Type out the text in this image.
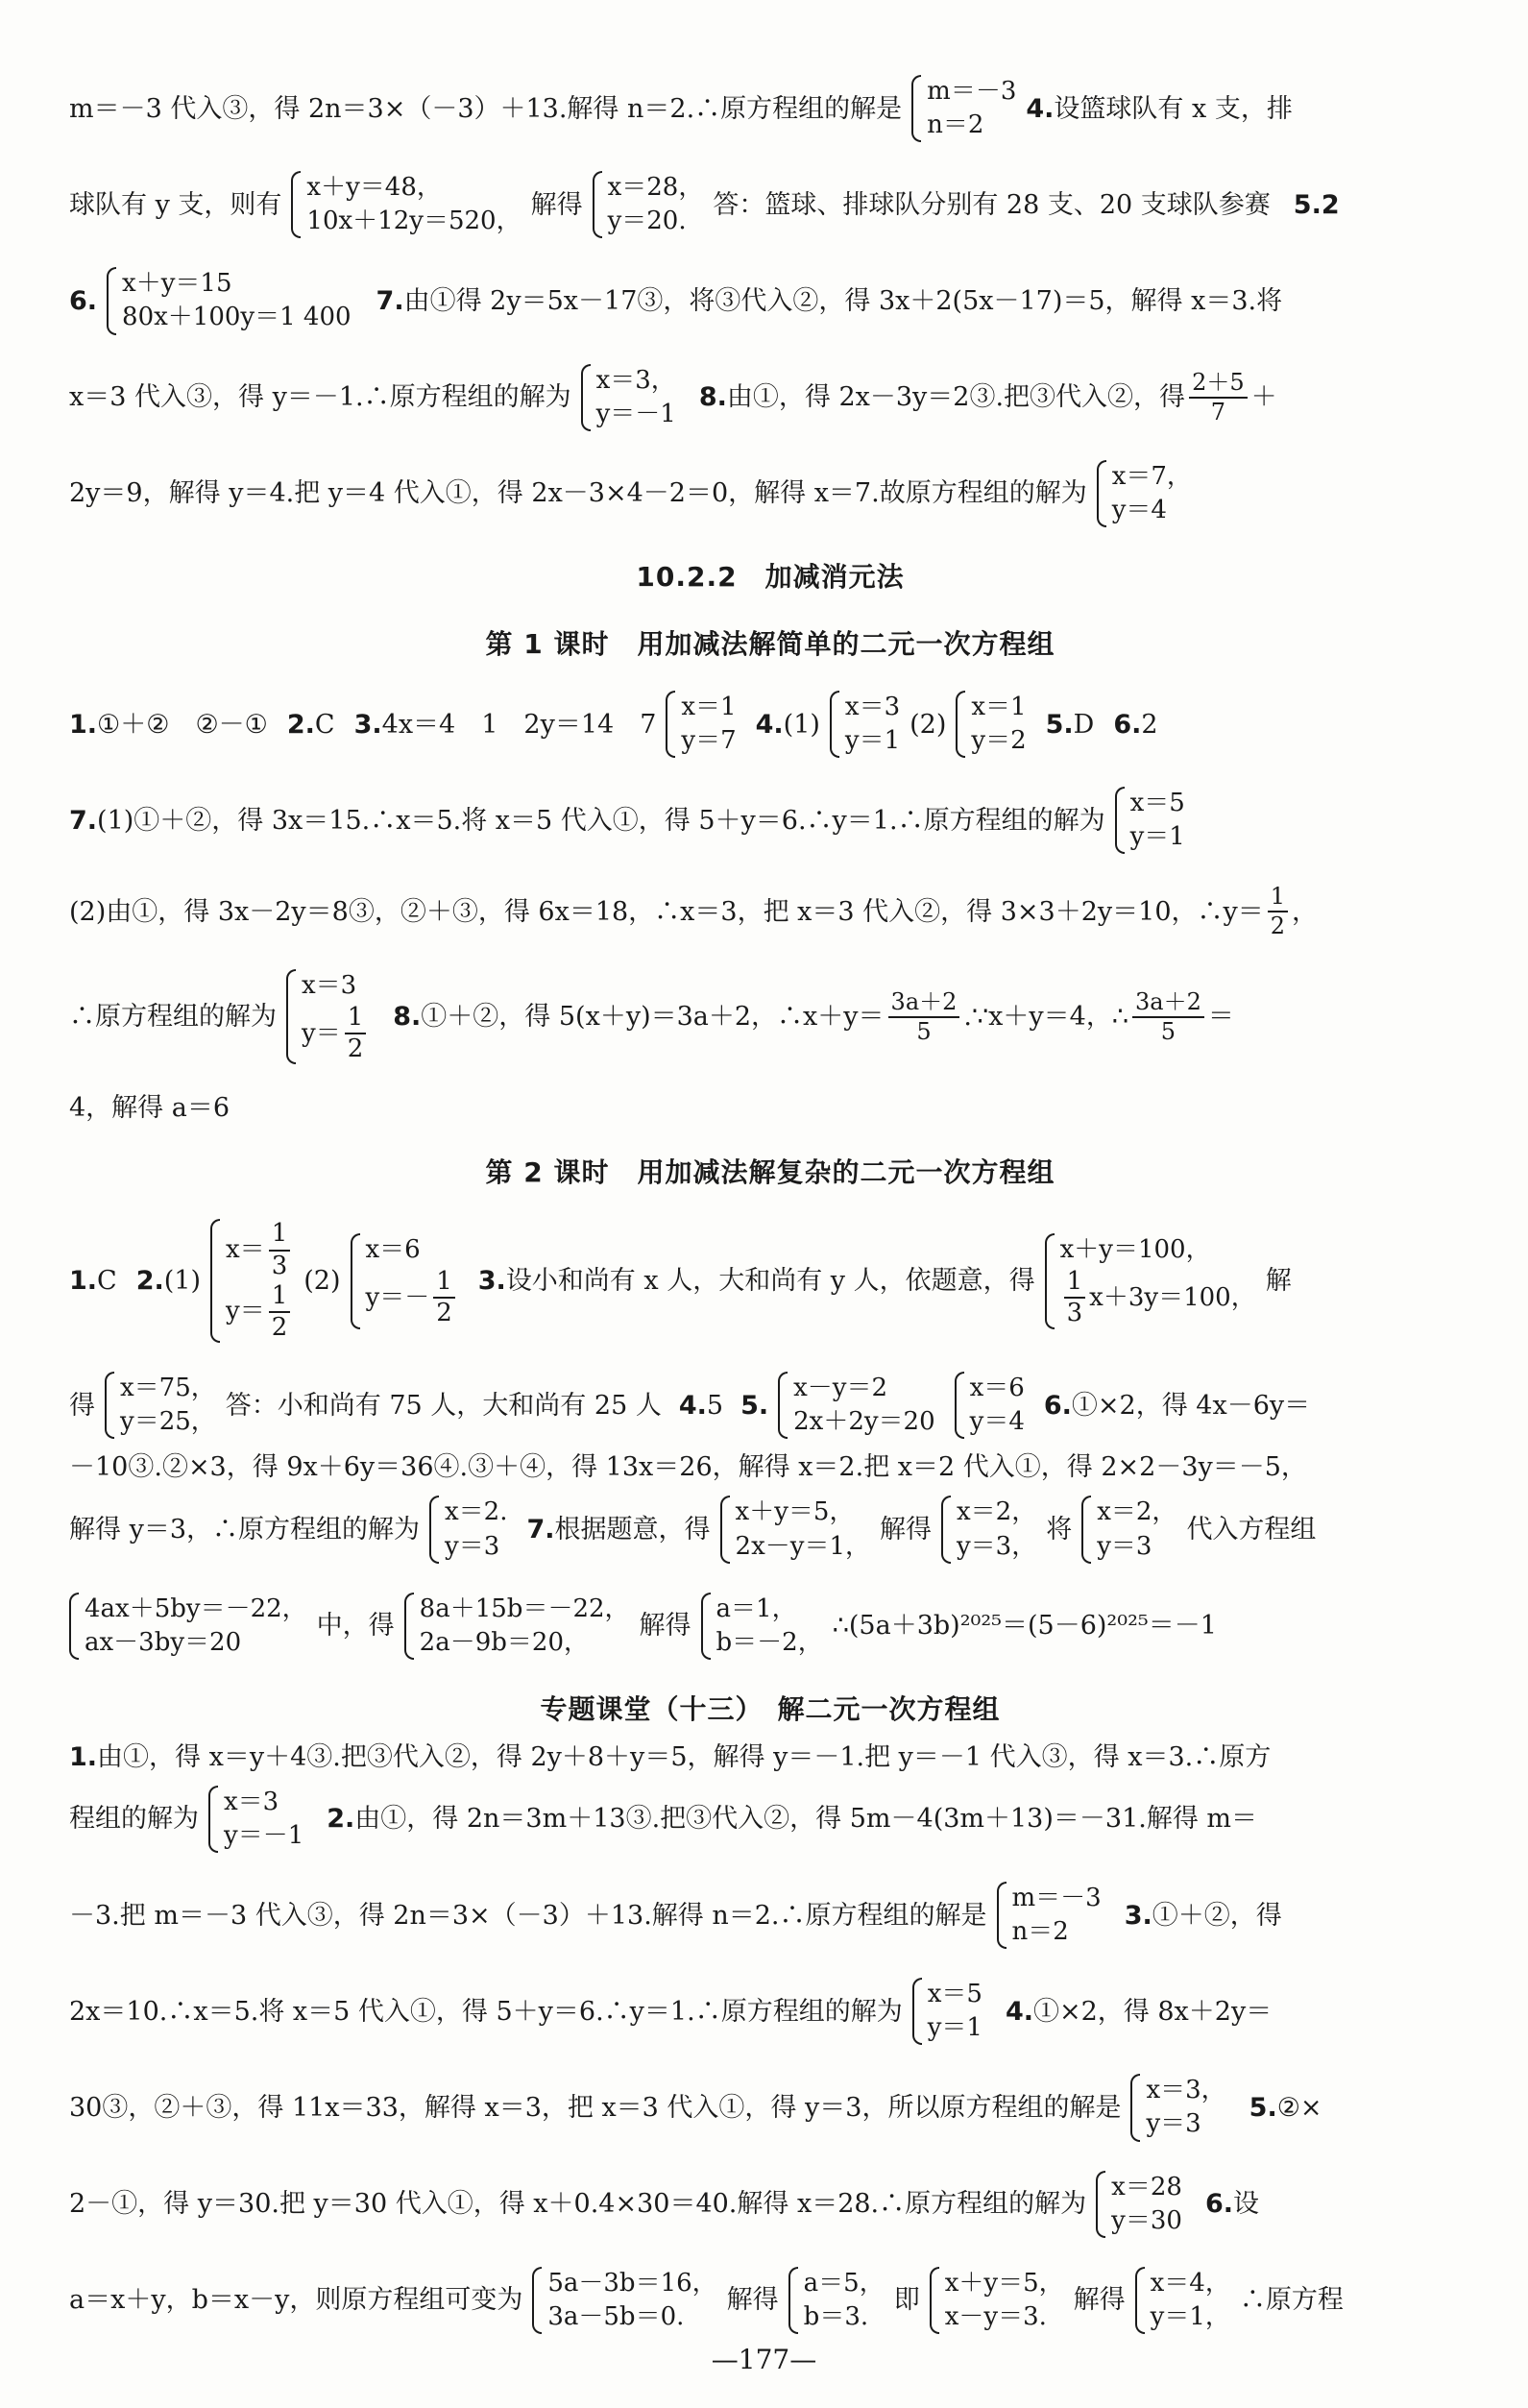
m＝－3 代入③，得 2n＝3×（－3）＋13.解得 n＝2.∴原方程组的解是
m＝－3
n＝2
4. 设篮球队有 x 支，排
球队有 y 支，则有
x＋y＝48，
10x＋12y＝520，
解得
x＝28，
y＝20.
答：篮球、排球队分别有 28 支、20 支球队参赛 5.2
6.
x＋y＝15
80x＋100y＝1 400
7. 由①得 2y＝5x－17③，将③代入②，得 3x＋2(5x－17)＝5，解得 x＝3.将
x＝3 代入③，得 y＝－1.∴原方程组的解为
x＝3，
y＝－1
8. 由①，得 2x－3y＝2③.把③代入②，得 $\frac{2+5}{7}$ ＋
2y＝9，解得 y＝4.把 y＝4 代入①，得 2x－3×4－2＝0，解得 x＝7.故原方程组的解为
x＝7，
y＝4
10.2.2　加减消元法
第 1 课时　用加减法解简单的二元一次方程组
1. ①＋②　②－① 2. C 3. 4x＝4　1　2y＝14　7
x＝1
y＝7
4. (1)
x＝3
y＝1
(2)
x＝1
y＝2
5. D 6. 2
7. (1)①＋②，得 3x＝15.∴x＝5.将 x＝5 代入①，得 5＋y＝6.∴y＝1.∴原方程组的解为
x＝5
y＝1
(2)由①，得 3x－2y＝8③，②＋③，得 6x＝18，∴x＝3，把 x＝3 代入②，得 3×3＋2y＝10，∴y＝ $\frac{1}{2}$ ，
∴原方程组的解为
x＝3
$y= \frac{1}{2} 8$. ①＋②，得 5(x＋y)＝3a＋2，∴x＋y＝ $\frac{3a+2}{5}$ .∵x＋y＝4，∴ $\frac{3a+2}{5}$ ＝
4，解得 a＝6
第 2 课时　用加减法解复杂的二元一次方程组
1. C 2. (1)
$x= \frac{1}{3}$
$y= \frac{1}{2}$
(2)
x＝6
$y=- \frac{1}{2} 3$. 设小和尚有 x 人，大和尚有 y 人，依题意，得
x＋y＝100，
$\frac{1}{3} x+3y=100$，
解
得
x＝75，
y＝25，
答：小和尚有 75 人，大和尚有 25 人 4. 5 5.
x－y＝2
2x＋2y＝20
x＝6
y＝4
6. ①×2，得 4x－6y＝
－10③.②×3，得 9x＋6y＝36④.③＋④，得 13x＝26，解得 x＝2.把 x＝2 代入①，得 2×2－3y＝－5，
解得 y＝3，∴原方程组的解为
x＝2.
y＝3
7. 根据题意，得
x＋y＝5，
2x－y＝1，
解得
x＝2，
y＝3，
将
x＝2，
y＝3
代入方程组
4ax＋5by＝－22，
ax－3by＝20
中，得
8a＋15b＝－22，
2a－9b＝20，
解得
a＝1，
b＝－2，
∴(5a＋3b)²⁰²⁵＝(5－6)²⁰²⁵＝－1
专题课堂（十三）　解二元一次方程组
1. 由①，得 x＝y＋4③.把③代入②，得 2y＋8＋y＝5，解得 y＝－1.把 y＝－1 代入③，得 x＝3.∴原方
程组的解为
x＝3
y＝－1
2. 由①，得 2n＝3m＋13③.把③代入②，得 5m－4(3m＋13)＝－31.解得 m＝
－3.把 m＝－3 代入③，得 2n＝3×（－3）＋13.解得 n＝2.∴原方程组的解是
m＝－3
n＝2
3. ①＋②，得
2x＝10.∴x＝5.将 x＝5 代入①，得 5＋y＝6.∴y＝1.∴原方程组的解为
x＝5
y＝1
4. ①×2，得 8x＋2y＝
30③，②＋③，得 11x＝33，解得 x＝3，把 x＝3 代入①，得 y＝3，所以原方程组的解是
x＝3，
y＝3
5. ②×
2－①，得 y＝30.把 y＝30 代入①，得 x＋0.4×30＝40.解得 x＝28.∴原方程组的解为
x＝28
y＝30
6. 设
a＝x＋y，b＝x－y，则原方程组可变为
5a－3b＝16，
3a－5b＝0.
解得
a＝5，
b＝3.
即
x＋y＝5，
x－y＝3.
解得
x＝4，
y＝1，
∴原方程
—177—
